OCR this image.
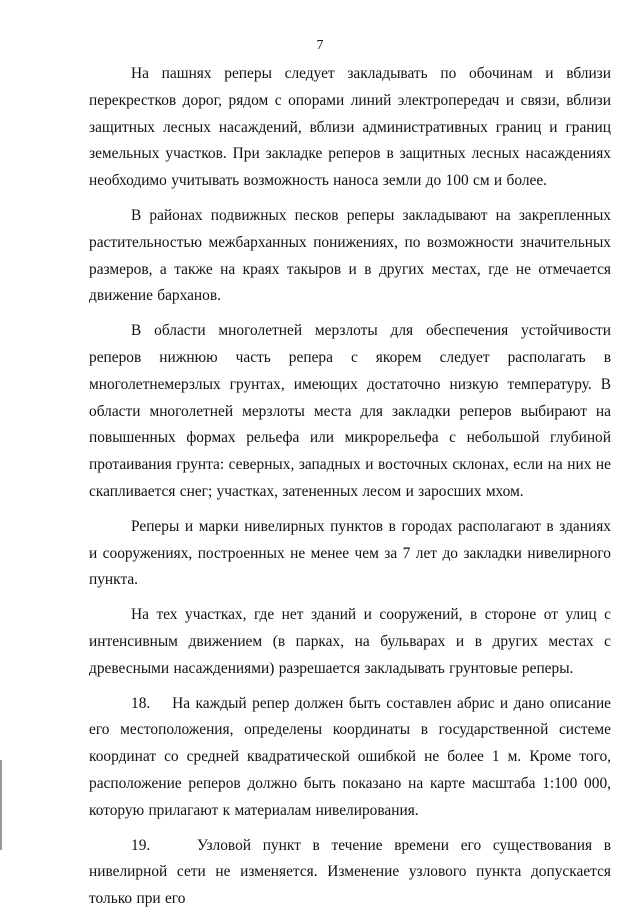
7

На пашнях реперы следует закладывать по обочинам и вблизи перекрестков дорог, рядом с опорами линий электропередач и связи, вблизи защитных лесных насаждений, вблизи административных границ и границ земельных участков. При закладке реперов в защитных лесных насаждениях необходимо учитывать возможность наноса земли до 100 см и более.

В районах подвижных песков реперы закладывают на закрепленных растительностью межбарханных понижениях, по возможности значительных размеров, а также на краях такыров и в других местах, где не отмечается движение барханов.

В области многолетней мерзлоты для обеспечения устойчивости реперов нижнюю часть репера с якорем следует располагать в многолетнемерзлых грунтах, имеющих достаточно низкую температуру. В области многолетней мерзлоты места для закладки реперов выбирают на повышенных формах рельефа или микрорельефа с небольшой глубиной протаивания грунта: северных, западных и восточных склонах, если на них не скапливается снег; участках, затененных лесом и заросших мхом.

Реперы и марки нивелирных пунктов в городах располагают в зданиях и сооружениях, построенных не менее чем за 7 лет до закладки нивелирного пункта.

На тех участках, где нет зданий и сооружений, в стороне от улиц с интенсивным движением (в парках, на бульварах и в других местах с древесными насаждениями) разрешается закладывать грунтовые реперы.

18. На каждый репер должен быть составлен абрис и дано описание его местоположения, определены координаты в государственной системе координат со средней квадратической ошибкой не более 1 м. Кроме того, расположение реперов должно быть показано на карте масштаба 1:100 000, которую прилагают к материалам нивелирования.

19.	Узловой пункт в течение времени его существования в нивелирной сети не изменяется. Изменение узлового пункта допускается только при его
